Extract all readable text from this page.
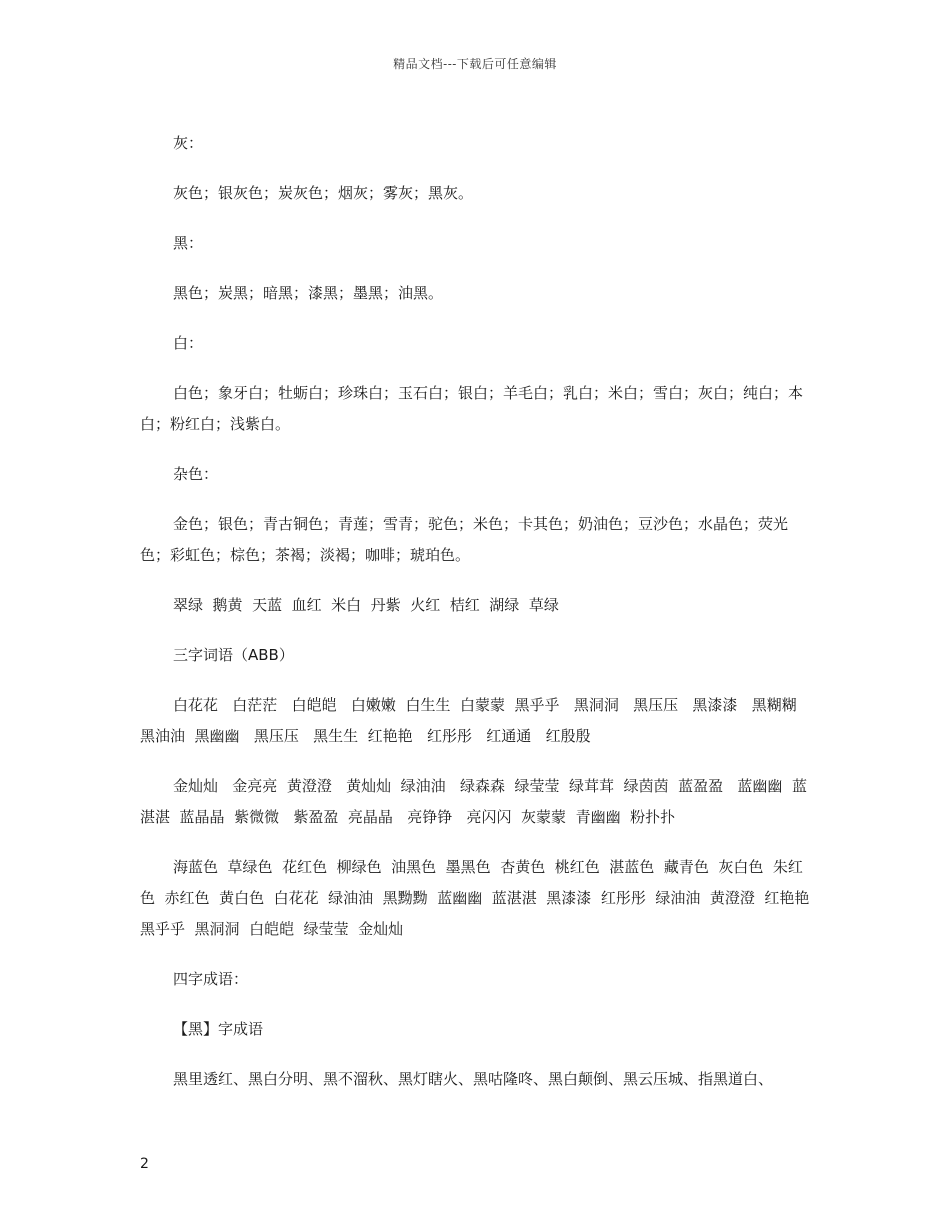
精品文档---下载后可任意编辑

灰：

灰色；银灰色；炭灰色；烟灰；雾灰；黑灰。

黑：

黑色；炭黑；暗黑；漆黑；墨黑；油黑。

白：

白色；象牙白；牡蛎白；珍珠白；玉石白；银白；羊毛白；乳白；米白；雪白；灰白；纯白；本白；粉红白；浅紫白。

杂色：

金色；银色；青古铜色；青莲；雪青；驼色；米色；卡其色；奶油色；豆沙色；水晶色；荧光色；彩虹色；棕色；茶褐；淡褐；咖啡；琥珀色。

翠绿  鹅黄  天蓝  血红  米白  丹紫  火红  桔红  湖绿  草绿

三字词语（ABB）

白花花   白茫茫   白皑皑   白嫩嫩  白生生  白蒙蒙  黑乎乎   黑洞洞   黑压压   黑漆漆   黑糊糊   黑油油  黑幽幽   黑压压   黑生生  红艳艳   红彤彤   红通通   红殷殷

金灿灿   金亮亮  黄澄澄   黄灿灿  绿油油   绿森森  绿莹莹  绿茸茸  绿茵茵  蓝盈盈   蓝幽幽  蓝湛湛  蓝晶晶  紫微微   紫盈盈  亮晶晶   亮铮铮   亮闪闪  灰蒙蒙  青幽幽  粉扑扑

海蓝色  草绿色  花红色  柳绿色  油黑色  墨黑色  杏黄色  桃红色  湛蓝色  藏青色  灰白色  朱红色  赤红色  黄白色  白花花  绿油油  黑黝黝  蓝幽幽  蓝湛湛  黑漆漆  红彤彤  绿油油  黄澄澄  红艳艳  黑乎乎  黑洞洞  白皑皑  绿莹莹  金灿灿

四字成语：

【黑】字成语

黑里透红、黑白分明、黑不溜秋、黑灯瞎火、黑咕隆咚、黑白颠倒、黑云压城、指黑道白、

2
